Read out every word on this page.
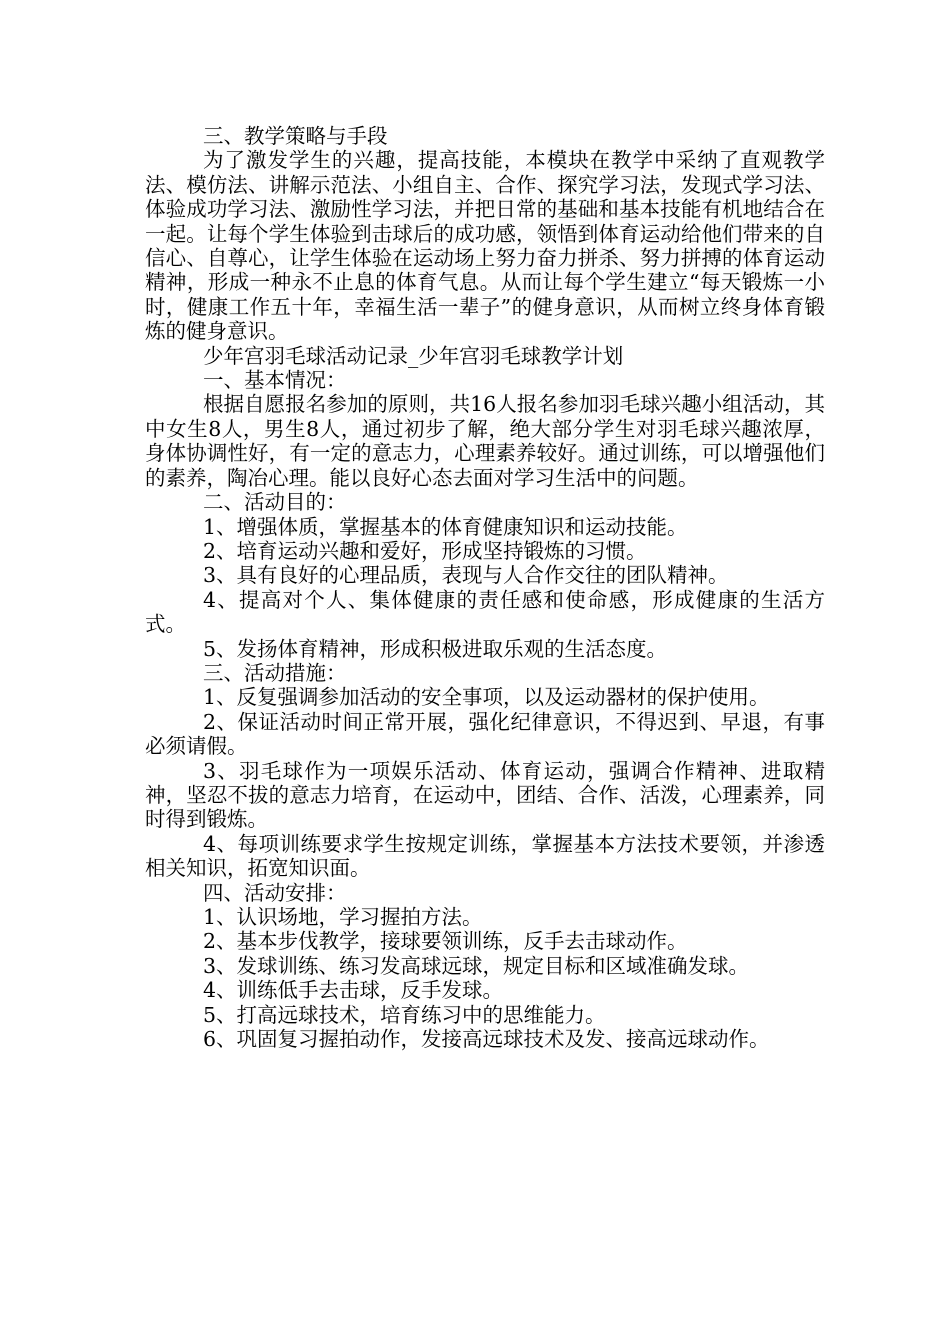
三、教学策略与手段

为了激发学生的兴趣，提高技能，本模块在教学中采纳了直观教学法、模仿法、讲解示范法、小组自主、合作、探究学习法，发现式学习法、体验成功学习法、激励性学习法，并把日常的基础和基本技能有机地结合在一起。让每个学生体验到击球后的成功感，领悟到体育运动给他们带来的自信心、自尊心，让学生体验在运动场上努力奋力拼杀、努力拼搏的体育运动精神，形成一种永不止息的体育气息。从而让每个学生建立“每天锻炼一小时，健康工作五十年，幸福生活一辈子”的健身意识，从而树立终身体育锻炼的健身意识。

少年宫羽毛球活动记录_少年宫羽毛球教学计划

一、基本情况：

根据自愿报名参加的原则，共16人报名参加羽毛球兴趣小组活动，其中女生8人，男生8人，通过初步了解，绝大部分学生对羽毛球兴趣浓厚，身体协调性好，有一定的意志力，心理素养较好。通过训练，可以增强他们的素养，陶冶心理。能以良好心态去面对学习生活中的问题。

二、活动目的：

1、增强体质，掌握基本的体育健康知识和运动技能。

2、培育运动兴趣和爱好，形成坚持锻炼的习惯。

3、具有良好的心理品质，表现与人合作交往的团队精神。

4、提高对个人、集体健康的责任感和使命感，形成健康的生活方式。

5、发扬体育精神，形成积极进取乐观的生活态度。

三、活动措施：

1、反复强调参加活动的安全事项，以及运动器材的保护使用。

2、保证活动时间正常开展，强化纪律意识，不得迟到、早退，有事必须请假。

3、羽毛球作为一项娱乐活动、体育运动，强调合作精神、进取精神，坚忍不拔的意志力培育，在运动中，团结、合作、活泼，心理素养，同时得到锻炼。

4、每项训练要求学生按规定训练，掌握基本方法技术要领，并渗透相关知识，拓宽知识面。

四、活动安排：

1、认识场地，学习握拍方法。

2、基本步伐教学，接球要领训练，反手去击球动作。

3、发球训练、练习发高球远球，规定目标和区域准确发球。

4、训练低手去击球，反手发球。

5、打高远球技术，培育练习中的思维能力。

6、巩固复习握拍动作，发接高远球技术及发、接高远球动作。
